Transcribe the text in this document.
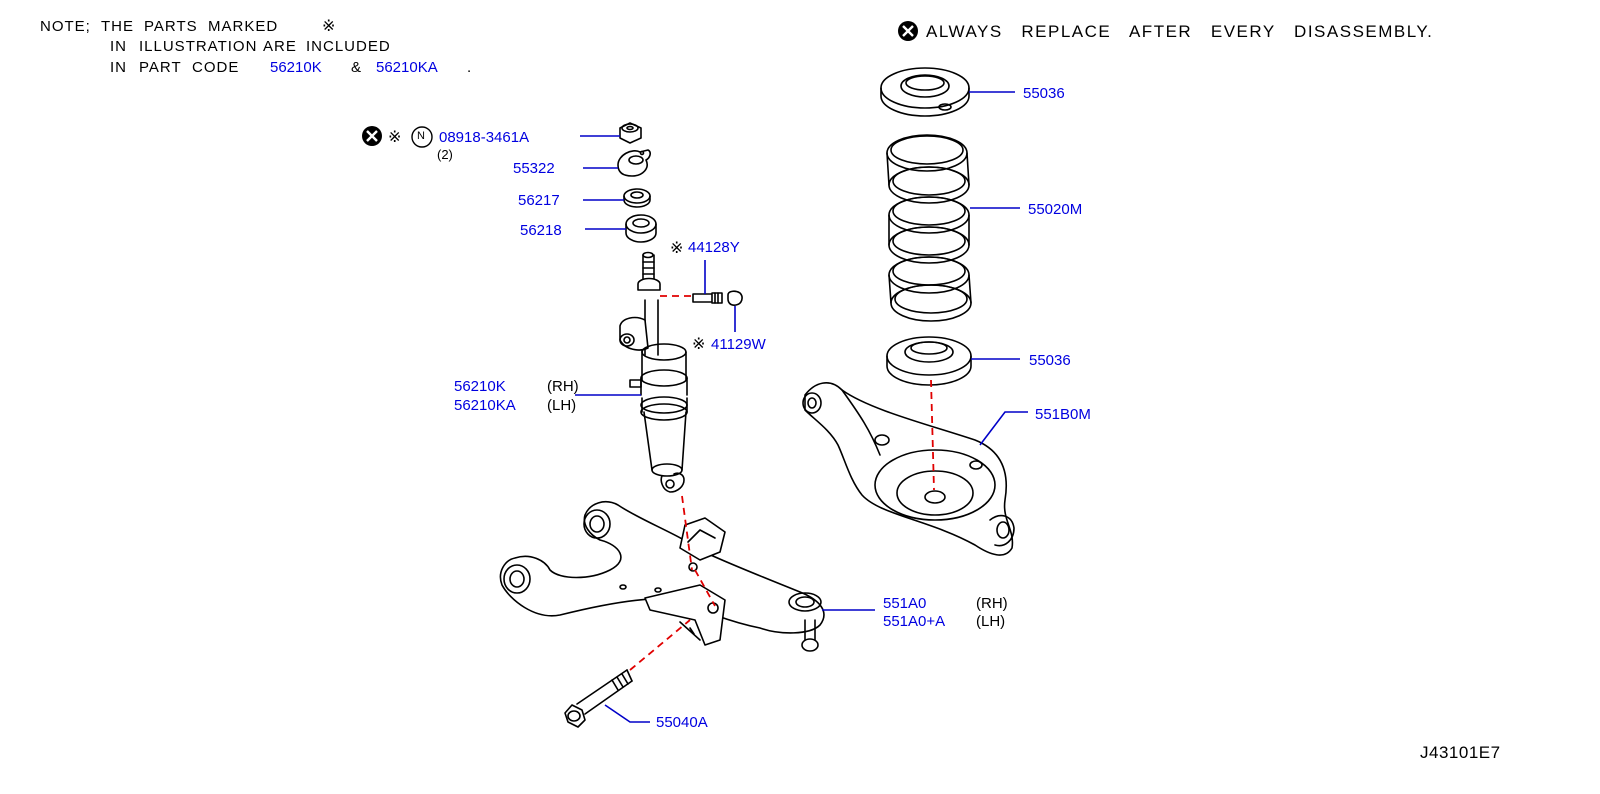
NOTE; THE PARTS MARKED	※
IN ILLUSTRATION ARE INCLUDED
IN PART CODE 56210K & 56210KA .
ALWAYS   REPLACE   AFTER   EVERY   DISASSEMBLY.
※ N 08918-3461A
(2)
55322
56217
56218
※ 44128Y
※ 41129W
56210K	(RH)
56210KA (LH)
55036
55020M
55036
551B0M
551A0	(RH)
551A0+A (LH)
55040A
J43101E7
